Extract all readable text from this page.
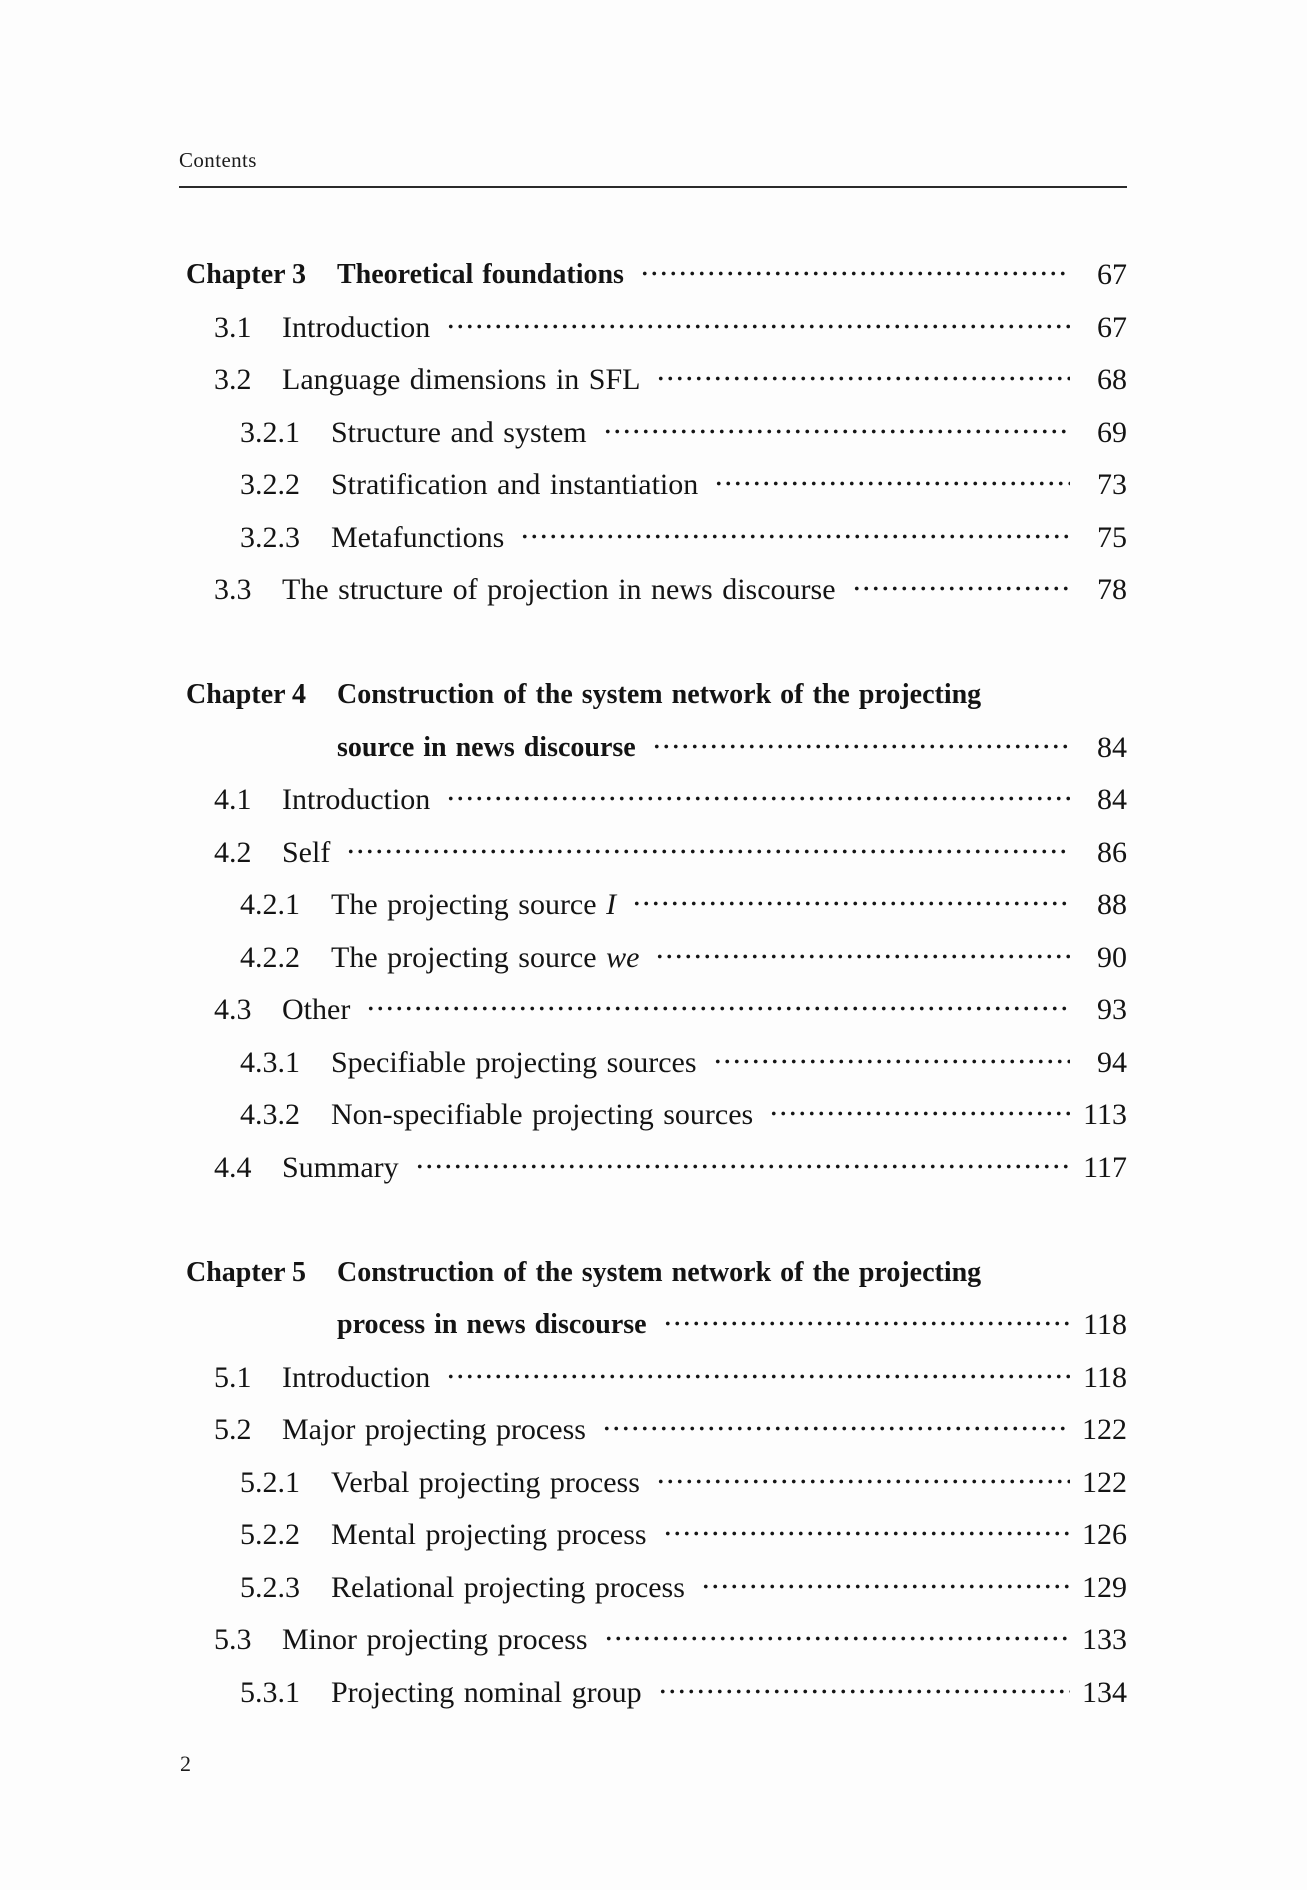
Contents
Chapter 3	Theoretical foundations	67
3.1	Introduction	67
3.2	Language dimensions in SFL	68
3.2.1	Structure and system	69
3.2.2	Stratification and instantiation	73
3.2.3	Metafunctions	75
3.3	The structure of projection in news discourse	78
Chapter 4	Construction of the system network of the projecting
source in news discourse	84
4.1	Introduction	84
4.2	Self	86
4.2.1	The projecting source I	88
4.2.2	The projecting source we	90
4.3	Other	93
4.3.1	Specifiable projecting sources	94
4.3.2	Non-specifiable projecting sources	113
4.4	Summary	117
Chapter 5	Construction of the system network of the projecting
process in news discourse	118
5.1	Introduction	118
5.2	Major projecting process	122
5.2.1	Verbal projecting process	122
5.2.2	Mental projecting process	126
5.2.3	Relational projecting process	129
5.3	Minor projecting process	133
5.3.1	Projecting nominal group	134
2
